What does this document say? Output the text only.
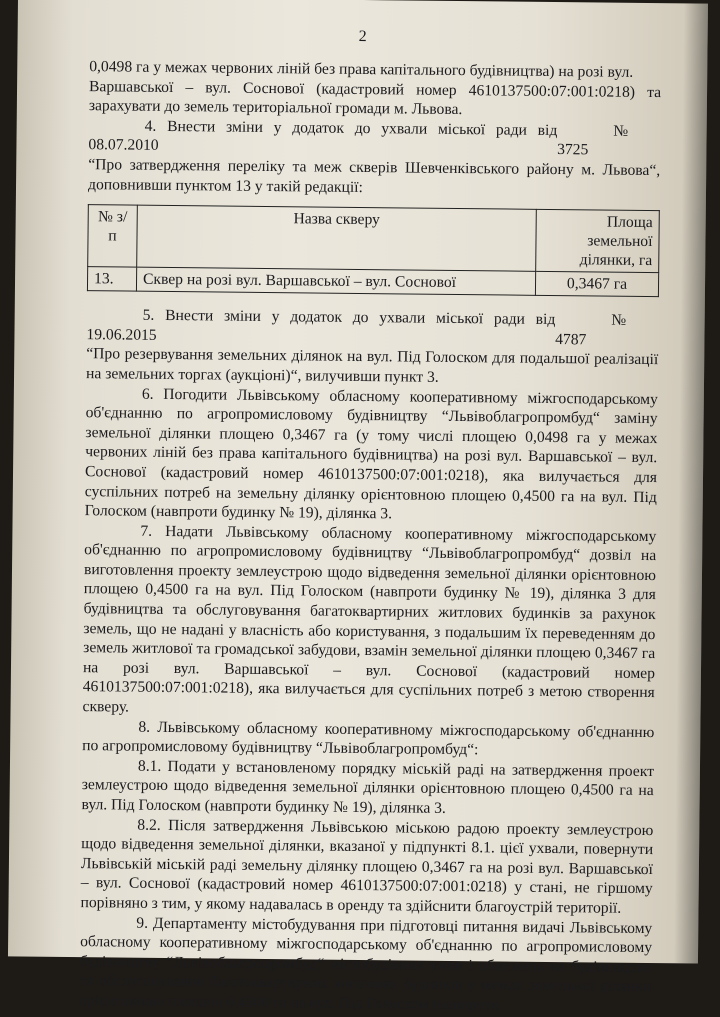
2

0,0498 га у межах червоних ліній без права капітального будівництва) на розі вул.

Варшавської – вул. Соснової (кадастровий номер 4610137500:07:001:0218) та зарахувати до земель територіальної громади м. Львова.

4. Внести зміни у додаток до ухвали міської ради від 08.07.2010
№ 3725

“Про затвердження переліку та меж скверів Шевченківського району м. Львова“, доповнивши пунктом 13 у такій редакції:

№ з/п	Назва скверу	Площа земельної ділянки, га
13.	Сквер на розі вул. Варшавської – вул. Соснової	0,3467 га
5. Внести зміни у додаток до ухвали міської ради від 19.06.2015
№ 4787

“Про резервування земельних ділянок на вул. Під Голоском для подальшої реалізації на земельних торгах (аукціоні)“, вилучивши пункт 3.

6. Погодити Львівському обласному кооперативному міжгосподарському об'єднанню по агропромисловому будівництву “Львівоблагропромбуд“ заміну земельної ділянки площею 0,3467 га (у тому числі площею 0,0498 га у межах червоних ліній без права капітального будівництва) на розі вул. Варшавської – вул. Соснової (кадастровий номер 4610137500:07:001:0218), яка вилучається для суспільних потреб на земельну ділянку орієнтовною площею 0,4500 га на вул. Під Голоском (навпроти будинку № 19), ділянка 3.

7. Надати Львівському обласному кооперативному міжгосподарському об'єднанню по агропромисловому будівництву “Львівоблагропромбуд“ дозвіл на виготовлення проекту землеустрою щодо відведення земельної ділянки орієнтовною площею 0,4500 га на вул. Під Голоском (навпроти будинку № 19), ділянка 3 для будівництва та обслуговування багатоквартирних житлових будинків за рахунок земель, що не надані у власність або користування, з подальшим їх переведенням до земель житлової та громадської забудови, взамін земельної ділянки площею 0,3467 га на розі вул. Варшавської – вул. Соснової (кадастровий номер 4610137500:07:001:0218), яка вилучається для суспільних потреб з метою створення скверу.

8. Львівському обласному кооперативному міжгосподарському об'єднанню по агропромисловому будівництву “Львівоблагропромбуд“:

8.1. Подати у встановленому порядку міській раді на затвердження проект землеустрою щодо відведення земельної ділянки орієнтовною площею 0,4500 га на вул. Під Голоском (навпроти будинку № 19), ділянка 3.

8.2. Після затвердження Львівською міською радою проекту землеустрою щодо відведення земельної ділянки, вказаної у підпункті 8.1. цієї ухвали, повернути Львівській міській раді земельну ділянку площею 0,3467 га на розі вул. Варшавської – вул. Соснової (кадастровий номер 4610137500:07:001:0218) у стані, не гіршому порівняно з тим, у якому надавалась в оренду та здійснити благоустрій території.

9. Департаменту містобудування при підготовці питання видачі Львівському обласному кооперативному міжгосподарському об'єднанню по агропромисловому будівництву “Львівоблагропромбуд“ містобудівних умов і обмежень на будівництво та обслуговування багатоквартирних житлових будинків у межах земельної ділянки орієнтовною площею 0,4500 га на вул. Під Голоском (навпроти
